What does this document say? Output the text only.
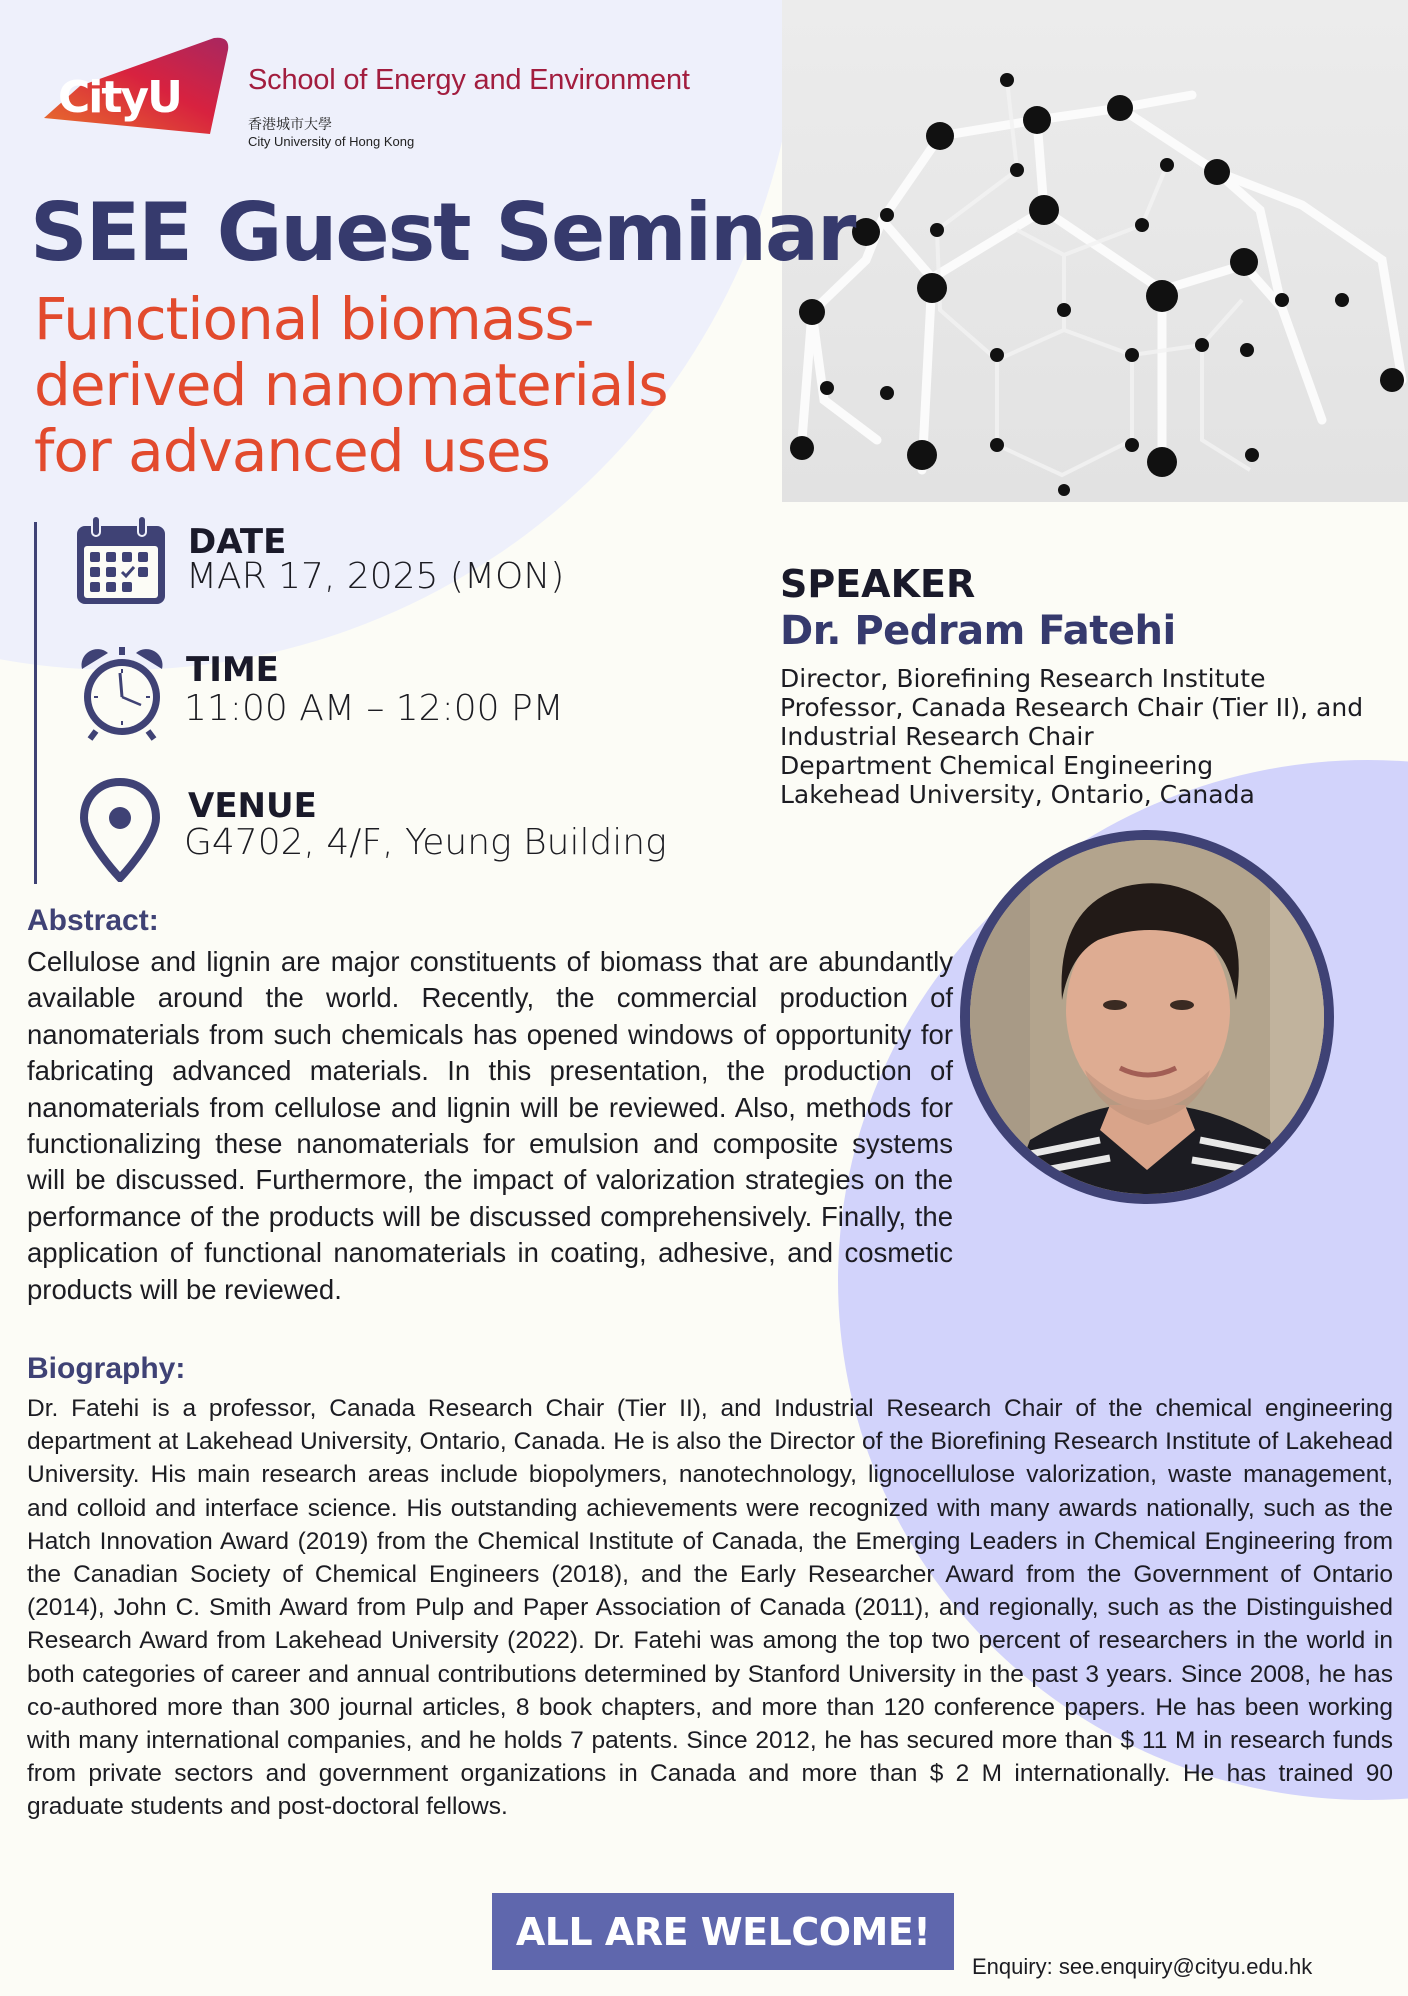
CityU School of Energy and Environment
香港城市大學
City University of Hong Kong
SEE Guest Seminar
Functional biomass-
derived nanomaterials
for advanced uses
DATE
MAR 17, 2025 (MON)
TIME
11:00 AM – 12:00 PM
VENUE
G4702, 4/F, Yeung Building
SPEAKER
Dr. Pedram Fatehi
Director, Biorefining Research Institute
Professor, Canada Research Chair (Tier II), and
Industrial Research Chair
Department Chemical Engineering
Lakehead University, Ontario, Canada
Abstract:
Cellulose and lignin are major constituents of biomass that are abundantly available around the world. Recently, the commercial production of nanomaterials from such chemicals has opened windows of opportunity for fabricating advanced materials. In this presentation, the production of nanomaterials from cellulose and lignin will be reviewed. Also, methods for functionalizing these nanomaterials for emulsion and composite systems will be discussed. Furthermore, the impact of valorization strategies on the performance of the products will be discussed comprehensively. Finally, the application of functional nanomaterials in coating, adhesive, and cosmetic products will be reviewed.
Biography:
Dr. Fatehi is a professor, Canada Research Chair (Tier II), and Industrial Research Chair of the chemical engineering department at Lakehead University, Ontario, Canada. He is also the Director of the Biorefining Research Institute of Lakehead University. His main research areas include biopolymers, nanotechnology, lignocellulose valorization, waste management, and colloid and interface science. His outstanding achievements were recognized with many awards nationally, such as the Hatch Innovation Award (2019) from the Chemical Institute of Canada, the Emerging Leaders in Chemical Engineering from the Canadian Society of Chemical Engineers (2018), and the Early Researcher Award from the Government of Ontario (2014), John C. Smith Award from Pulp and Paper Association of Canada (2011), and regionally, such as the Distinguished Research Award from Lakehead University (2022). Dr. Fatehi was among the top two percent of researchers in the world in both categories of career and annual contributions determined by Stanford University in the past 3 years. Since 2008, he has co-authored more than 300 journal articles, 8 book chapters, and more than 120 conference papers. He has been working with many international companies, and he holds 7 patents. Since 2012, he has secured more than $ 11 M in research funds from private sectors and government organizations in Canada and more than $ 2 M internationally. He has trained 90 graduate students and post-doctoral fellows.
ALL ARE WELCOME!
Enquiry: see.enquiry@cityu.edu.hk
